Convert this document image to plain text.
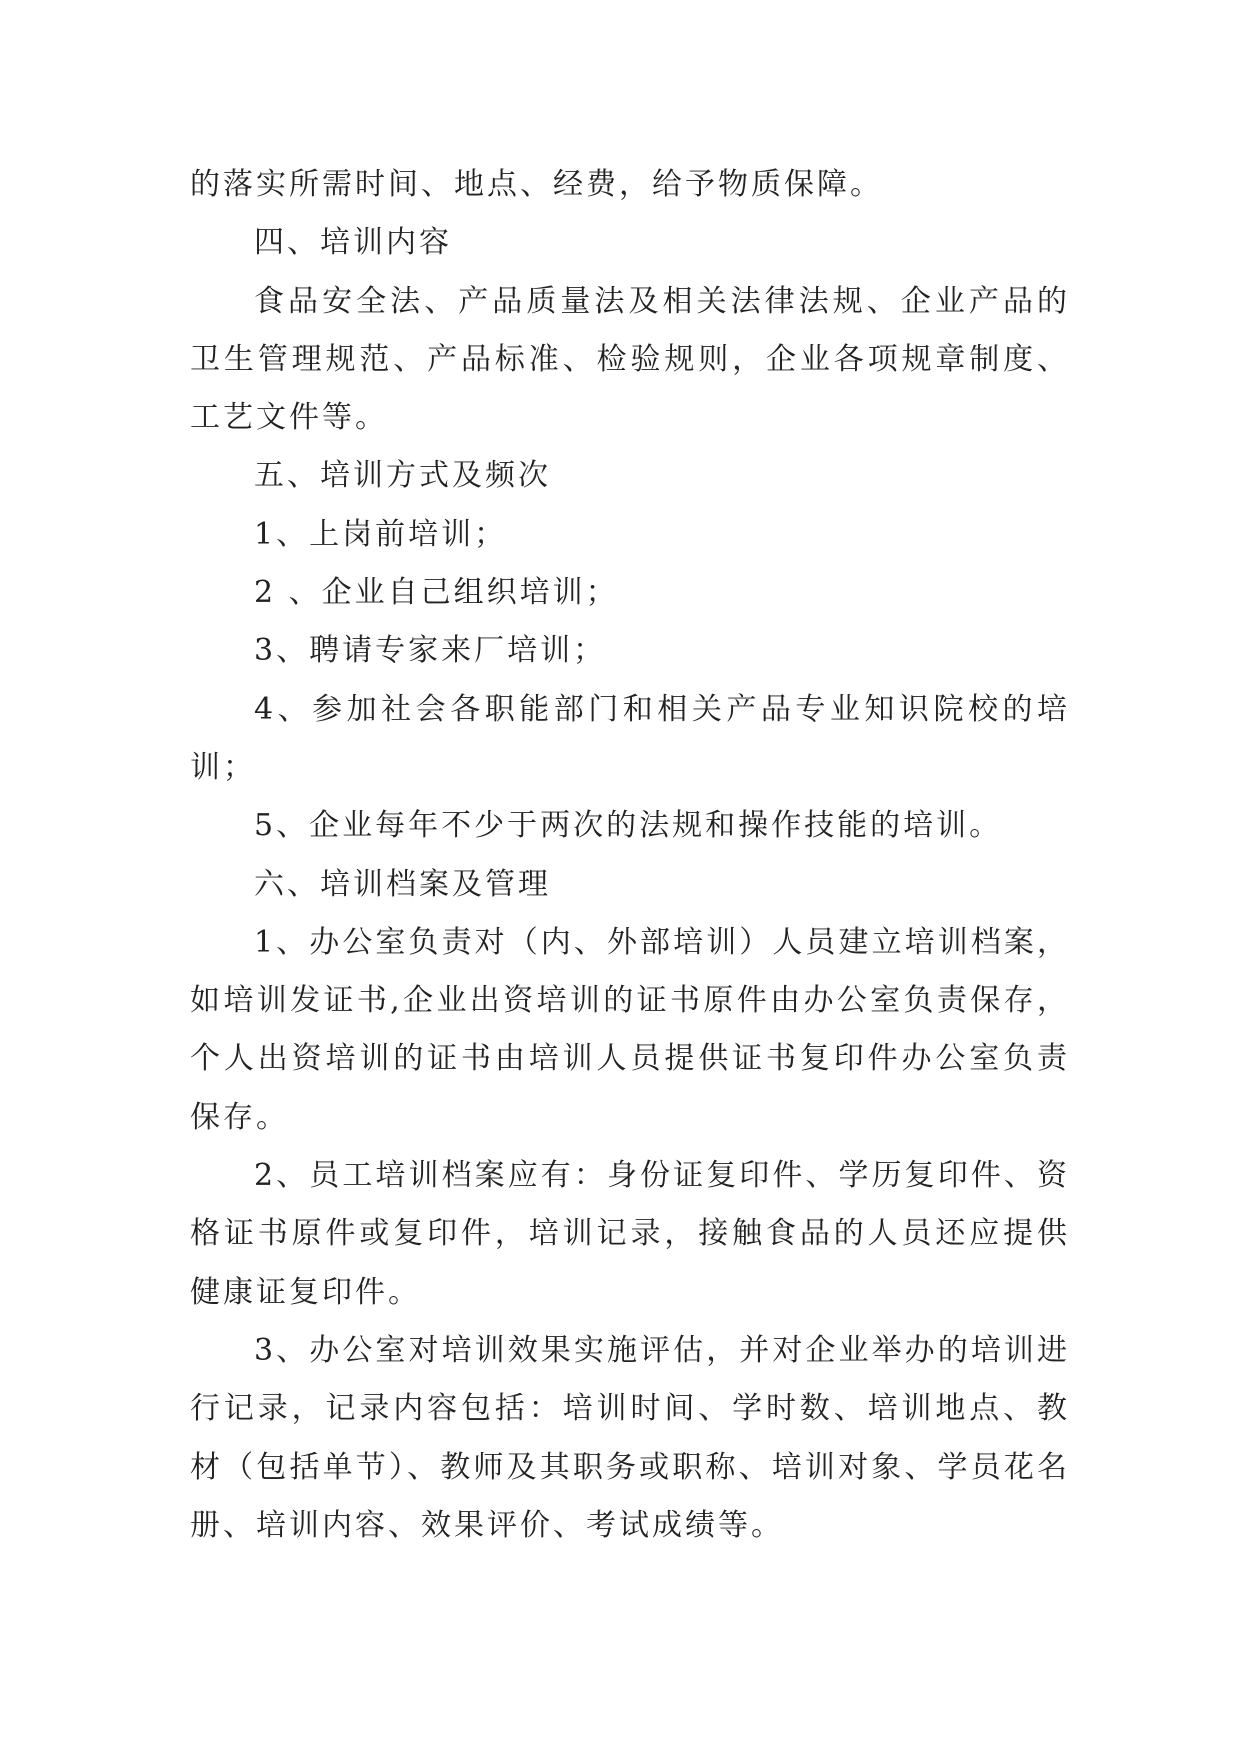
的落实所需时间、地点、经费，给予物质保障。

四、培训内容

食品安全法、产品质量法及相关法律法规、企业产品的卫生管理规范、产品标准、检验规则，企业各项规章制度、工艺文件等。

五、培训方式及频次

1、上岗前培训；

2 、企业自己组织培训；

3、聘请专家来厂培训；

4、参加社会各职能部门和相关产品专业知识院校的培训；

5、企业每年不少于两次的法规和操作技能的培训。

六、培训档案及管理

1、办公室负责对（内、外部培训）人员建立培训档案，如培训发证书,企业出资培训的证书原件由办公室负责保存，个人出资培训的证书由培训人员提供证书复印件办公室负责保存。

2、员工培训档案应有：身份证复印件、学历复印件、资格证书原件或复印件，培训记录，接触食品的人员还应提供健康证复印件。

3、办公室对培训效果实施评估，并对企业举办的培训进行记录，记录内容包括：培训时间、学时数、培训地点、教材（包括单节）、教师及其职务或职称、培训对象、学员花名册、培训内容、效果评价、考试成绩等。
